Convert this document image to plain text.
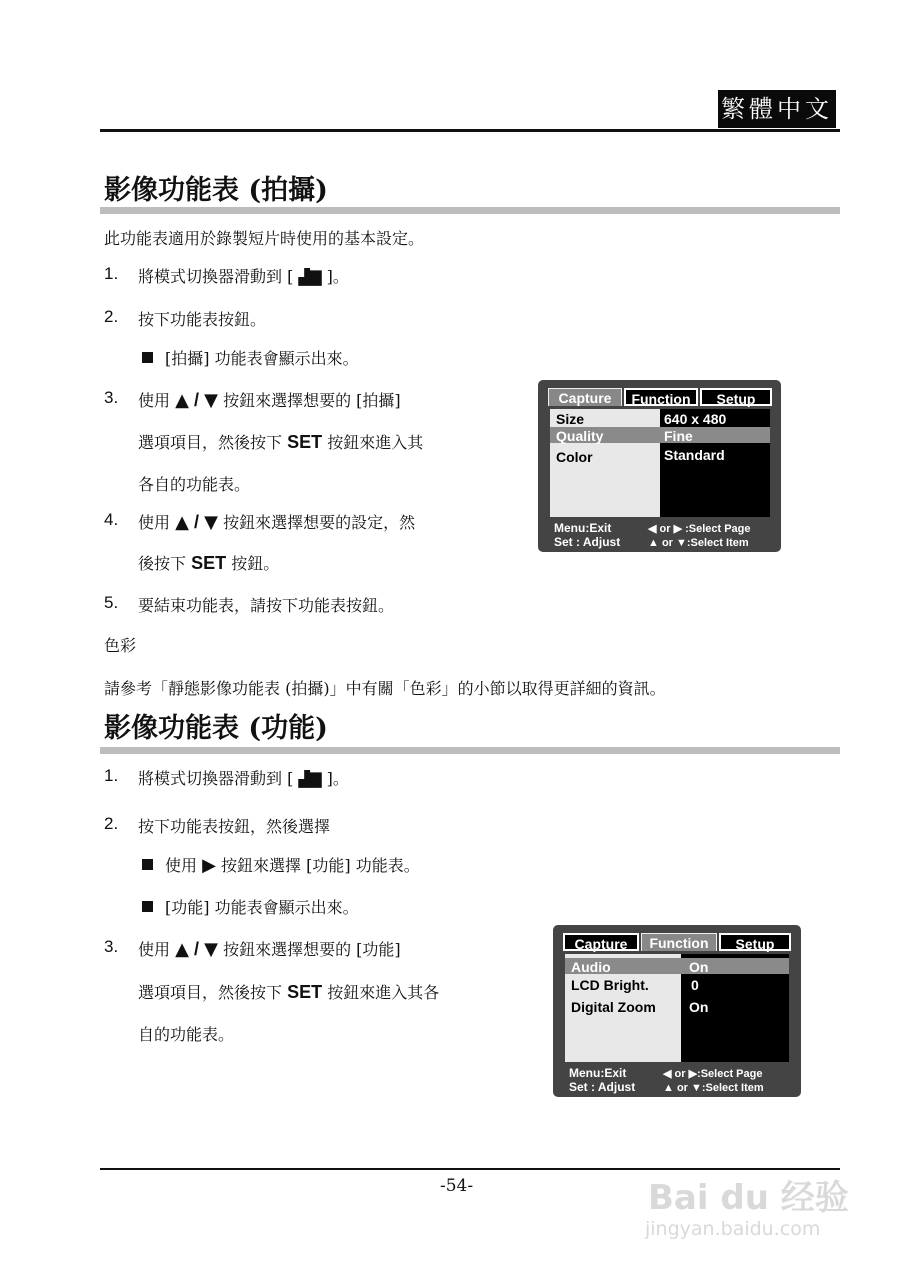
繁體中文
影像功能表 (拍攝)
此功能表適用於錄製短片時使用的基本設定。
1. 將模式切換器滑動到 [ ▟▇ ]。
2. 按下功能表按鈕。
[拍攝] 功能表會顯示出來。
3. 使用 ▲ / ▼ 按鈕來選擇想要的 [拍攝]
選項項目，然後按下 SET 按鈕來進入其
各自的功能表。
4. 使用 ▲ / ▼ 按鈕來選擇想要的設定，然
後按下 SET 按鈕。
5. 要結束功能表，請按下功能表按鈕。
色彩
請參考「靜態影像功能表 (拍攝)」中有關「色彩」的小節以取得更詳細的資訊。
Capture	Function	Setup
Size	640 x 480
Quality	Fine
Color	Standard
Menu:Exit
Set : Adjust
◀ or ▶ :Select Page
▲ or ▼:Select Item
影像功能表 (功能)
1. 將模式切換器滑動到 [ ▟▇ ]。
2. 按下功能表按鈕，然後選擇
使用 ▶ 按鈕來選擇 [功能] 功能表。
[功能] 功能表會顯示出來。
3. 使用 ▲ / ▼ 按鈕來選擇想要的 [功能]
選項項目，然後按下 SET 按鈕來進入其各
自的功能表。
Capture	Function	Setup
Audio	On
LCD Bright.	0
Digital Zoom On
Menu:Exit
Set : Adjust
◀ or ▶:Select Page
▲ or ▼:Select Item
-54-	Bai du 经验
jingyan.baidu.com
